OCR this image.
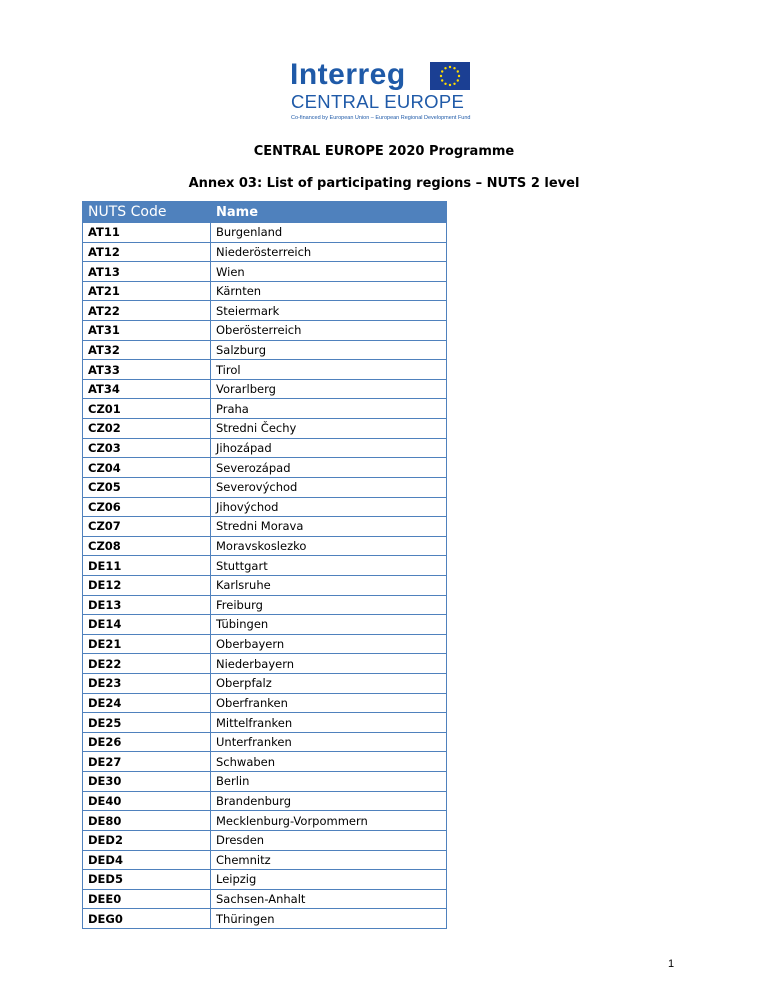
Interreg
CENTRAL EUROPE
Co-financed by European Union – European Regional Development Fund
CENTRAL EUROPE 2020 Programme
Annex 03: List of participating regions – NUTS 2 level
NUTS Code	Name
AT11	Burgenland
AT12	Niederösterreich
AT13	Wien
AT21	Kärnten
AT22	Steiermark
AT31	Oberösterreich
AT32	Salzburg
AT33	Tirol
AT34	Vorarlberg
CZ01	Praha
CZ02	Stredni Čechy
CZ03	Jihozápad
CZ04	Severozápad
CZ05	Severovýchod
CZ06	Jihovýchod
CZ07	Stredni Morava
CZ08	Moravskoslezko
DE11	Stuttgart
DE12	Karlsruhe
DE13	Freiburg
DE14	Tübingen
DE21	Oberbayern
DE22	Niederbayern
DE23	Oberpfalz
DE24	Oberfranken
DE25	Mittelfranken
DE26	Unterfranken
DE27	Schwaben
DE30	Berlin
DE40	Brandenburg
DE80	Mecklenburg-Vorpommern
DED2	Dresden
DED4	Chemnitz
DED5	Leipzig
DEE0	Sachsen-Anhalt
DEG0	Thüringen
1
